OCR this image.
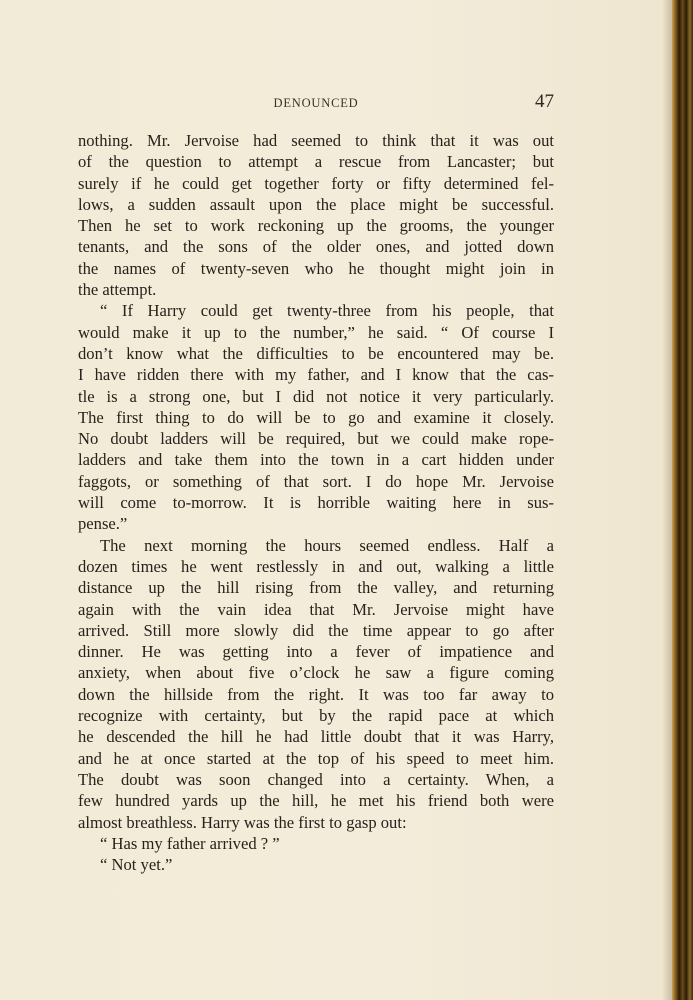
DENOUNCED	47
nothing. Mr. Jervoise had seemed to think that it was out
of the question to attempt a rescue from Lancaster; but
surely if he could get together forty or fifty determined fel-
lows, a sudden assault upon the place might be successful.
Then he set to work reckoning up the grooms, the younger
tenants, and the sons of the older ones, and jotted down
the names of twenty-seven who he thought might join in
the attempt.
“ If Harry could get twenty-three from his people, that
would make it up to the number,” he said. “ Of course I
don’t know what the difficulties to be encountered may be.
I have ridden there with my father, and I know that the cas-
tle is a strong one, but I did not notice it very particularly.
The first thing to do will be to go and examine it closely.
No doubt ladders will be required, but we could make rope-
ladders and take them into the town in a cart hidden under
faggots, or something of that sort. I do hope Mr. Jervoise
will come to-morrow. It is horrible waiting here in sus-
pense.”
The next morning the hours seemed endless. Half a
dozen times he went restlessly in and out, walking a little
distance up the hill rising from the valley, and returning
again with the vain idea that Mr. Jervoise might have
arrived. Still more slowly did the time appear to go after
dinner. He was getting into a fever of impatience and
anxiety, when about five o’clock he saw a figure coming
down the hillside from the right. It was too far away to
recognize with certainty, but by the rapid pace at which
he descended the hill he had little doubt that it was Harry,
and he at once started at the top of his speed to meet him.
The doubt was soon changed into a certainty. When, a
few hundred yards up the hill, he met his friend both were
almost breathless. Harry was the first to gasp out:
“ Has my father arrived ? ”
“ Not yet.”
